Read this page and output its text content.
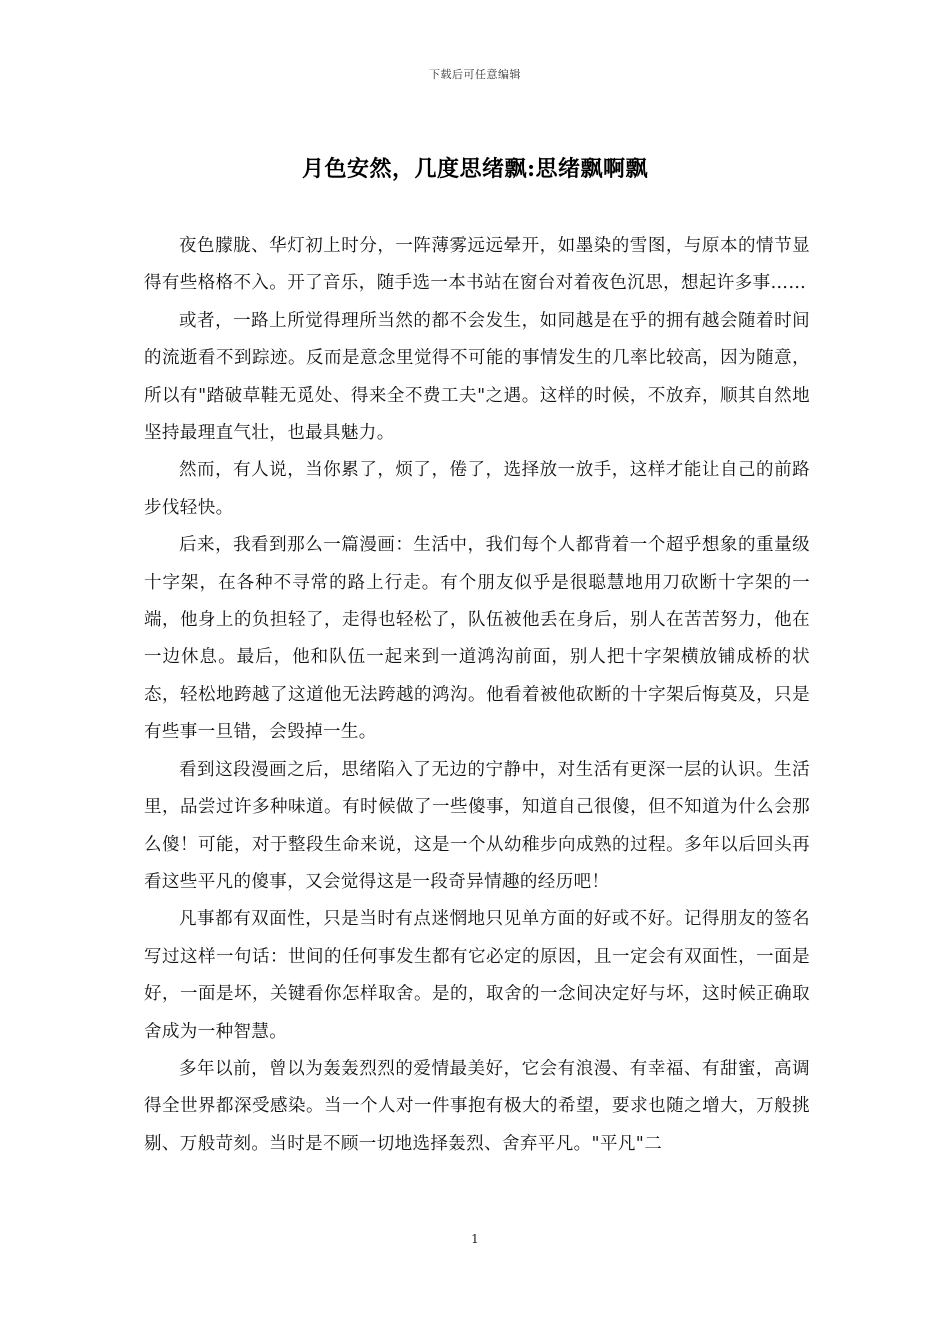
下载后可任意编辑
月色安然，几度思绪飘:思绪飘啊飘

夜色朦胧、华灯初上时分，一阵薄雾远远晕开，如墨染的雪图，与原本的情节显得有些格格不入。开了音乐，随手选一本书站在窗台对着夜色沉思，想起许多事……

或者，一路上所觉得理所当然的都不会发生，如同越是在乎的拥有越会随着时间的流逝看不到踪迹。反而是意念里觉得不可能的事情发生的几率比较高，因为随意，所以有"踏破草鞋无觅处、得来全不费工夫"之遇。这样的时候，不放弃，顺其自然地坚持最理直气壮，也最具魅力。

然而，有人说，当你累了，烦了，倦了，选择放一放手，这样才能让自己的前路步伐轻快。

后来，我看到那么一篇漫画：生活中，我们每个人都背着一个超乎想象的重量级十字架，在各种不寻常的路上行走。有个朋友似乎是很聪慧地用刀砍断十字架的一端，他身上的负担轻了，走得也轻松了，队伍被他丢在身后，别人在苦苦努力，他在一边休息。最后，他和队伍一起来到一道鸿沟前面，别人把十字架横放铺成桥的状态，轻松地跨越了这道他无法跨越的鸿沟。他看着被他砍断的十字架后悔莫及，只是有些事一旦错，会毁掉一生。

看到这段漫画之后，思绪陷入了无边的宁静中，对生活有更深一层的认识。生活里，品尝过许多种味道。有时候做了一些傻事，知道自己很傻，但不知道为什么会那么傻！可能，对于整段生命来说，这是一个从幼稚步向成熟的过程。多年以后回头再看这些平凡的傻事，又会觉得这是一段奇异情趣的经历吧！

凡事都有双面性，只是当时有点迷惘地只见单方面的好或不好。记得朋友的签名写过这样一句话：世间的任何事发生都有它必定的原因，且一定会有双面性，一面是好，一面是坏，关键看你怎样取舍。是的，取舍的一念间决定好与坏，这时候正确取舍成为一种智慧。

多年以前，曾以为轰轰烈烈的爱情最美好，它会有浪漫、有幸福、有甜蜜，高调得全世界都深受感染。当一个人对一件事抱有极大的希望，要求也随之增大，万般挑剔、万般苛刻。当时是不顾一切地选择轰烈、舍弃平凡。"平凡"二

1
